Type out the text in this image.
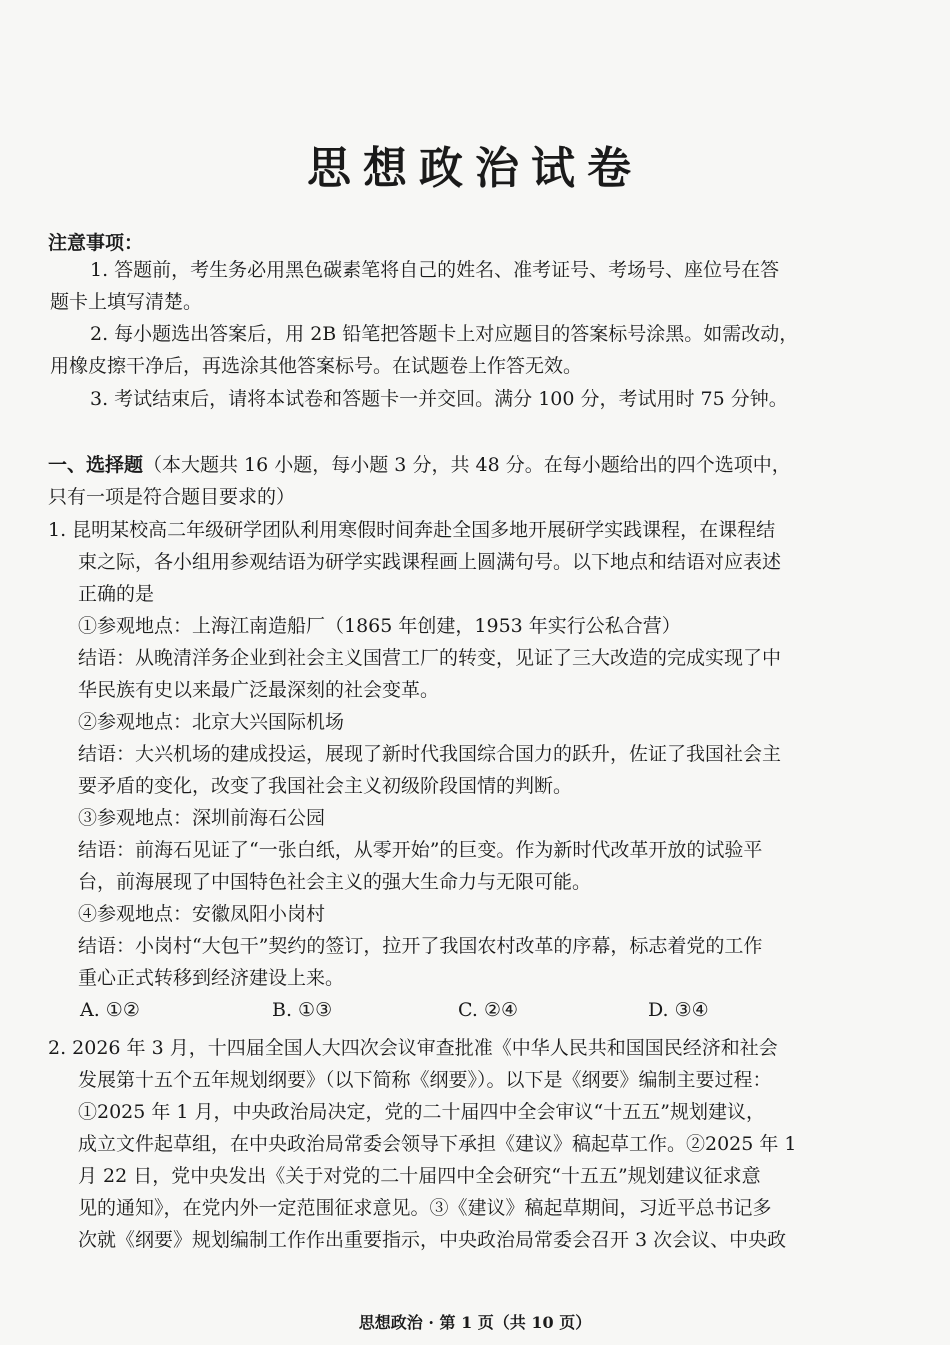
思想政治试卷
注意事项：
1. 答题前，考生务必用黑色碳素笔将自己的姓名、准考证号、考场号、座位号在答
题卡上填写清楚。
2. 每小题选出答案后，用 2B 铅笔把答题卡上对应题目的答案标号涂黑。如需改动，
用橡皮擦干净后，再选涂其他答案标号。在试题卷上作答无效。
3. 考试结束后，请将本试卷和答题卡一并交回。满分 100 分，考试用时 75 分钟。
一、选择题（本大题共 16 小题，每小题 3 分，共 48 分。在每小题给出的四个选项中，
只有一项是符合题目要求的）
1. 昆明某校高二年级研学团队利用寒假时间奔赴全国多地开展研学实践课程，在课程结
束之际，各小组用参观结语为研学实践课程画上圆满句号。以下地点和结语对应表述
正确的是
①参观地点：上海江南造船厂（1865 年创建，1953 年实行公私合营）
结语：从晚清洋务企业到社会主义国营工厂的转变，见证了三大改造的完成实现了中
华民族有史以来最广泛最深刻的社会变革。
②参观地点：北京大兴国际机场
结语：大兴机场的建成投运，展现了新时代我国综合国力的跃升，佐证了我国社会主
要矛盾的变化，改变了我国社会主义初级阶段国情的判断。
③参观地点：深圳前海石公园
结语：前海石见证了“一张白纸，从零开始”的巨变。作为新时代改革开放的试验平
台，前海展现了中国特色社会主义的强大生命力与无限可能。
④参观地点：安徽凤阳小岗村
结语：小岗村“大包干”契约的签订，拉开了我国农村改革的序幕，标志着党的工作
重心正式转移到经济建设上来。
A. ①②	B. ①③	C. ②④	D. ③④
2. 2026 年 3 月，十四届全国人大四次会议审查批准《中华人民共和国国民经济和社会
发展第十五个五年规划纲要》（以下简称《纲要》）。以下是《纲要》编制主要过程：
①2025 年 1 月，中央政治局决定，党的二十届四中全会审议“十五五”规划建议，
成立文件起草组，在中央政治局常委会领导下承担《建议》稿起草工作。②2025 年 1
月 22 日，党中央发出《关于对党的二十届四中全会研究“十五五”规划建议征求意
见的通知》，在党内外一定范围征求意见。③《建议》稿起草期间，习近平总书记多
次就《纲要》规划编制工作作出重要指示，中央政治局常委会召开 3 次会议、中央政
思想政治 · 第 1 页（共 10 页）
